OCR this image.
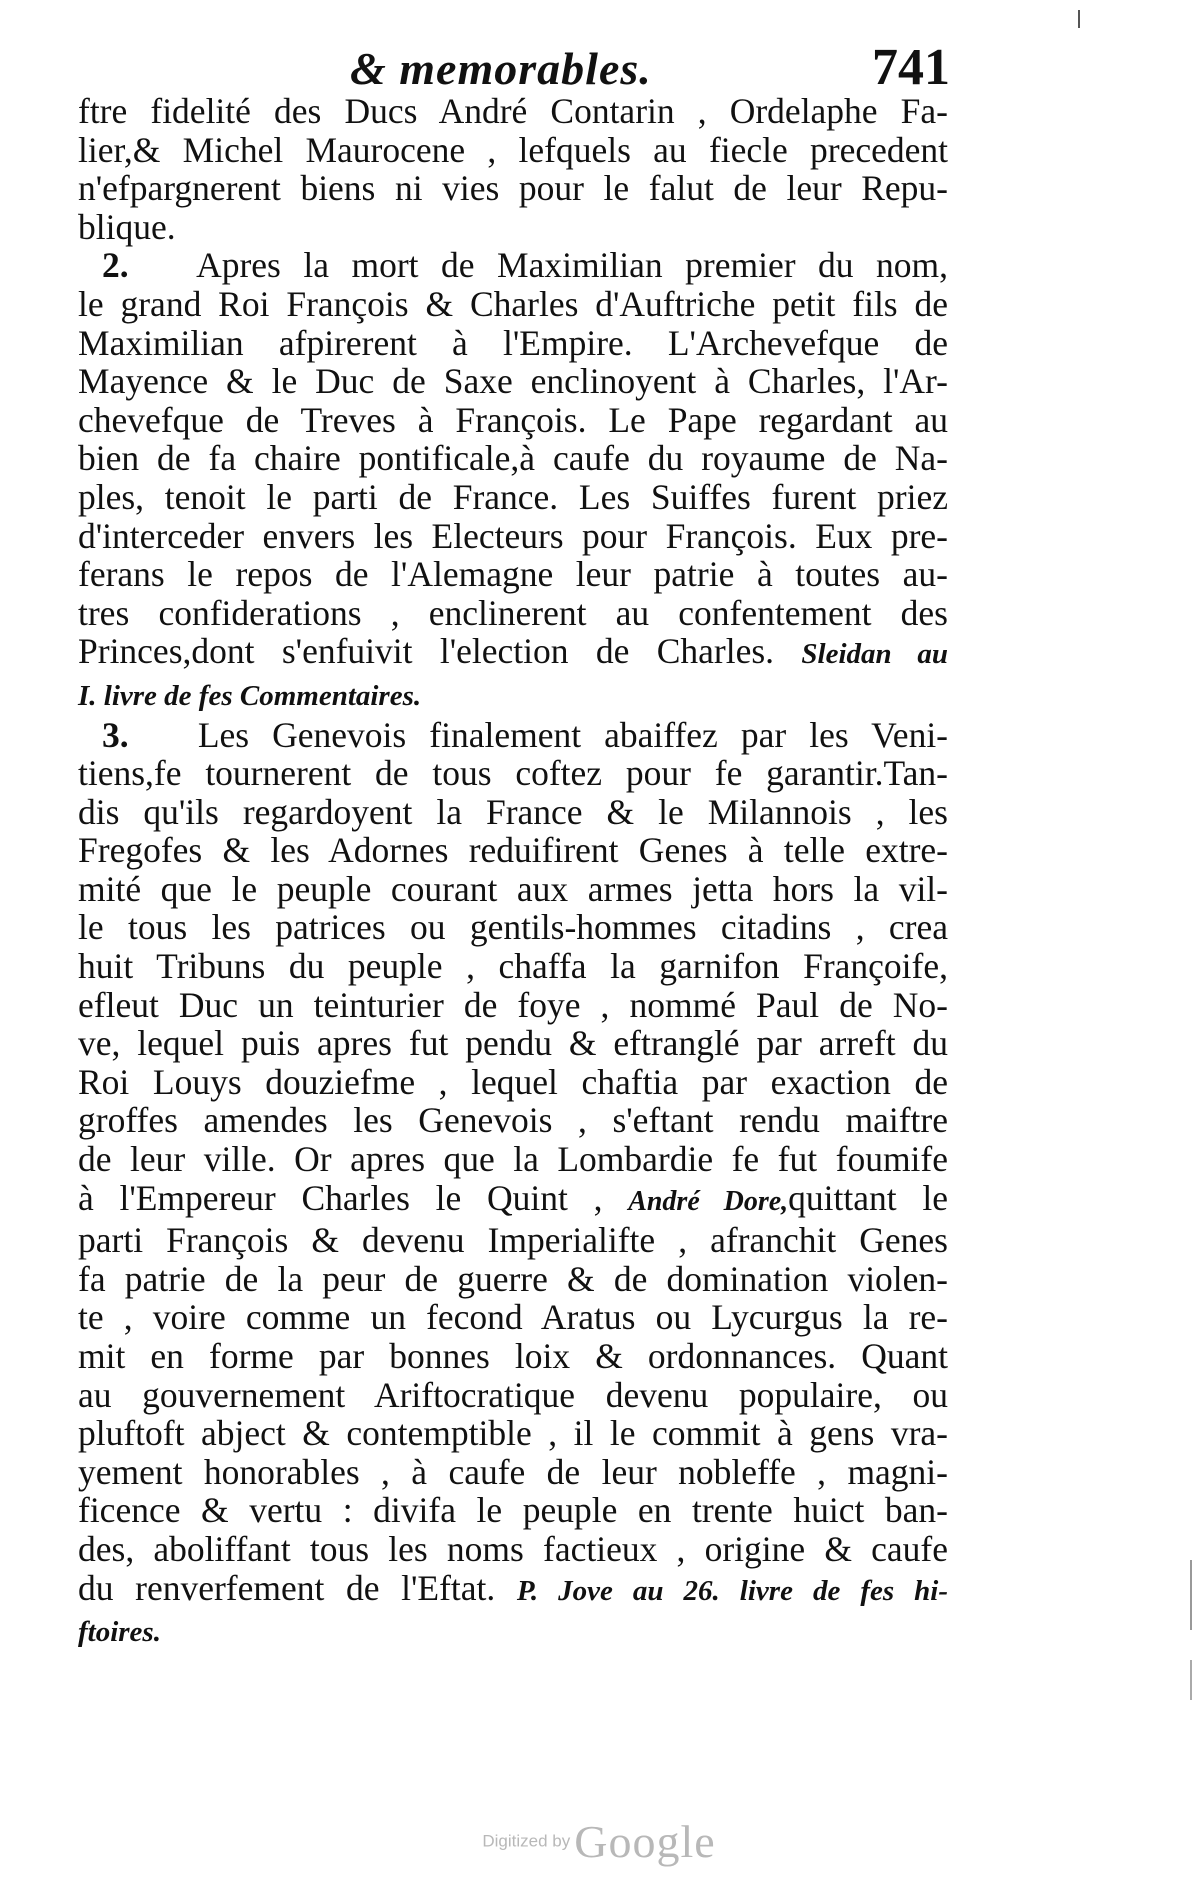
& memorables.	741

ftre fidelité des Ducs André Contarin , Ordelaphe Fa-
lier,& Michel Maurocene , lefquels au fiecle precedent
n'efpargnerent biens ni vies pour le falut de leur Repu-
blique.

2. Apres la mort de Maximilian premier du nom,
le grand Roi François & Charles d'Auftriche petit fils de
Maximilian afpirerent à l'Empire. L'Archevefque de
Mayence & le Duc de Saxe enclinoyent à Charles, l'Ar-
chevefque de Treves à François. Le Pape regardant au
bien de fa chaire pontificale,à caufe du royaume de Na-
ples, tenoit le parti de France. Les Suiffes furent priez
d'interceder envers les Electeurs pour François. Eux pre-
ferans le repos de l'Alemagne leur patrie à toutes au-
tres confiderations , enclinerent au confentement des
Princes,dont s'enfuivit l'election de Charles. Sleidan au
I. livre de fes Commentaires.

3. Les Genevois finalement abaiffez par les Veni-
tiens,fe tournerent de tous coftez pour fe garantir.Tan-
dis qu'ils regardoyent la France & le Milannois , les
Fregofes & les Adornes reduifirent Genes à telle extre-
mité que le peuple courant aux armes jetta hors la vil-
le tous les patrices ou gentils-hommes citadins , crea
huit Tribuns du peuple , chaffa la garnifon Françoife,
efleut Duc un teinturier de foye , nommé Paul de No-
ve, lequel puis apres fut pendu & eftranglé par arreft du
Roi Louys douziefme , lequel chaftia par exaction de
groffes amendes les Genevois , s'eftant rendu maiftre
de leur ville. Or apres que la Lombardie fe fut foumife
à l'Empereur Charles le Quint , André Dore,quittant le
parti François & devenu Imperialifte , afranchit Genes
fa patrie de la peur de guerre & de domination violen-
te , voire comme un fecond Aratus ou Lycurgus la re-
mit en forme par bonnes loix & ordonnances. Quant
au gouvernement Ariftocratique devenu populaire, ou
pluftoft abject & contemptible , il le commit à gens vra-
yement honorables , à caufe de leur nobleffe , magni-
ficence & vertu : divifa le peuple en trente huict ban-
des, aboliffant tous les noms factieux , origine & caufe
du renverfement de l'Eftat. P. Jove au 26. livre de fes hi-
ftoires.

Digitized by Google
